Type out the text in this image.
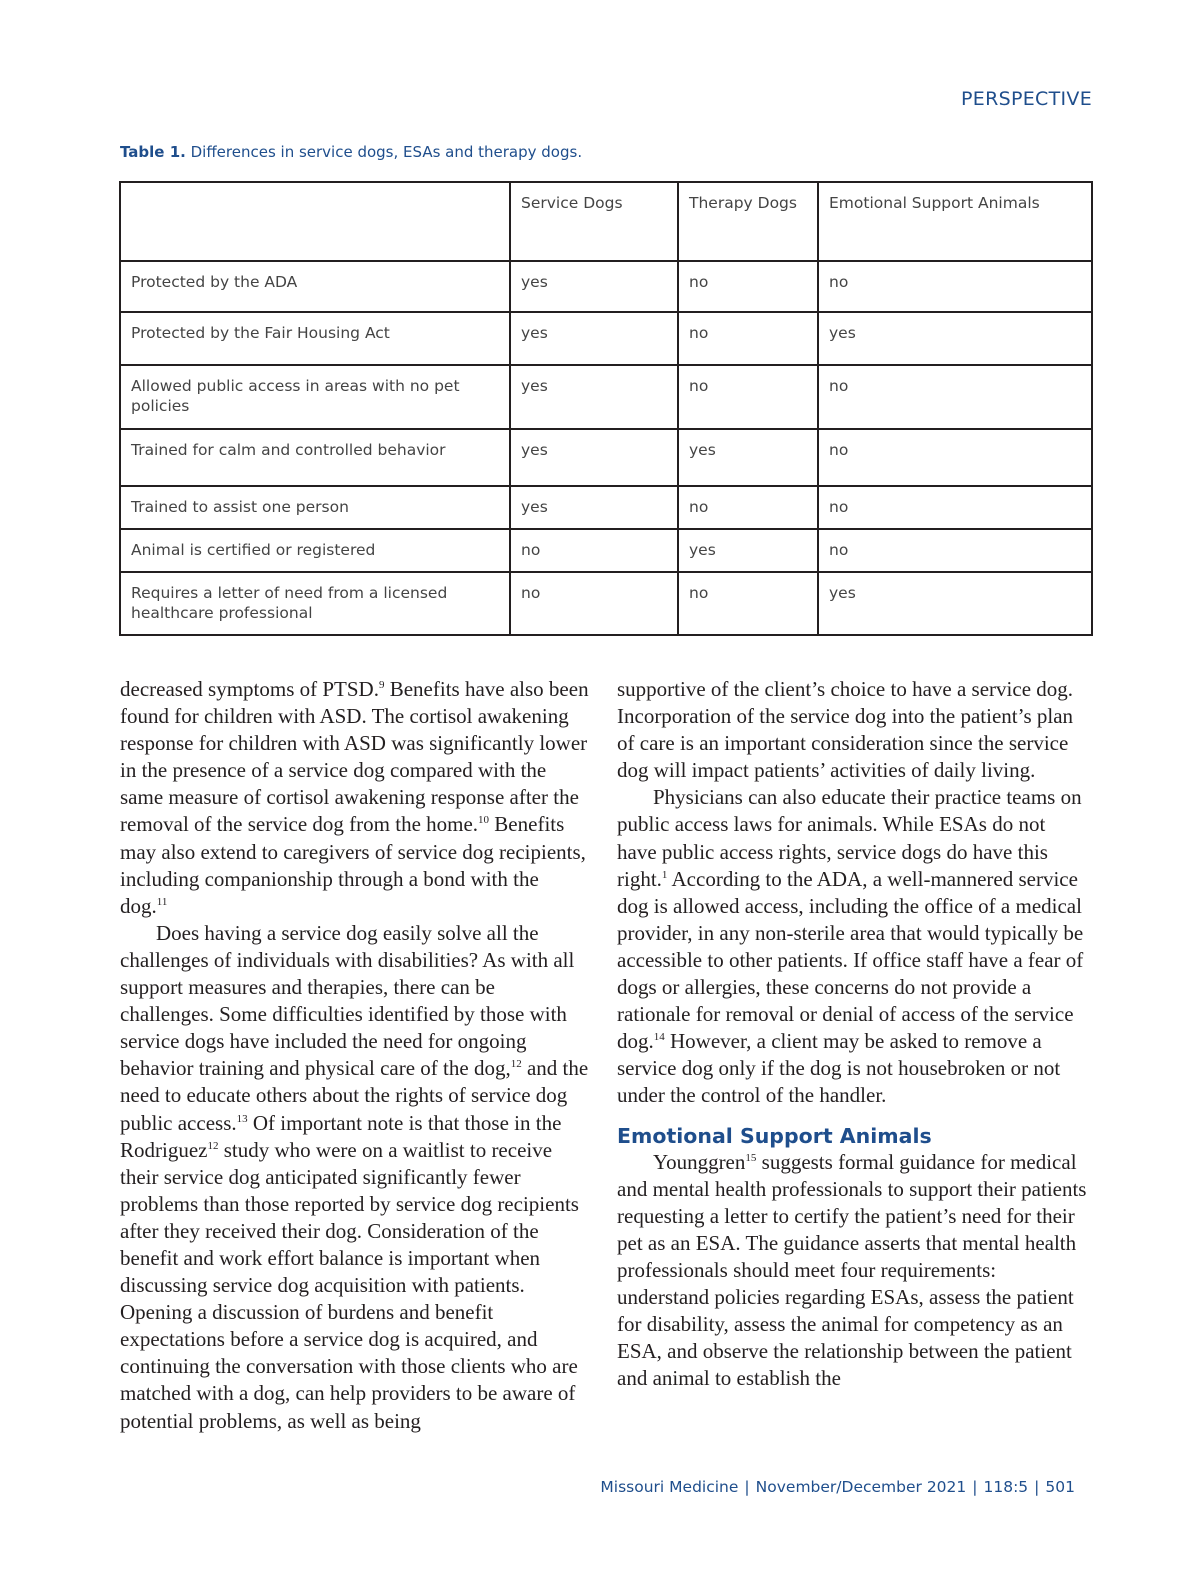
PERSPECTIVE
Table 1. Differences in service dogs, ESAs and therapy dogs.
	Service Dogs	Therapy Dogs	Emotional Support Animals
Protected by the ADA	yes	no	no
Protected by the Fair Housing Act	yes	no	yes
Allowed public access in areas with no pet policies	yes	no	no
Trained for calm and controlled behavior	yes	yes	no
Trained to assist one person	yes	no	no
Animal is certified or registered	no	yes	no
Requires a letter of need from a licensed healthcare professional	no	no	yes

decreased symptoms of PTSD.$^9$ Benefits have also been found for children with ASD. The cortisol awakening response for children with ASD was significantly lower in the presence of a service dog compared with the same measure of cortisol awakening response after the removal of the service dog from the home.$^{10}$ Benefits may also extend to caregivers of service dog recipients, including companionship through a bond with the dog.$^{11}$

Does having a service dog easily solve all the challenges of individuals with disabilities? As with all support measures and therapies, there can be challenges. Some difficulties identified by those with service dogs have included the need for ongoing behavior training and physical care of the dog,$^{12}$ and the need to educate others about the rights of service dog public access.$^{13}$ Of important note is that those in the Rodriguez$^{12}$ study who were on a waitlist to receive their service dog anticipated significantly fewer problems than those reported by service dog recipients after they received their dog. Consideration of the benefit and work effort balance is important when discussing service dog acquisition with patients. Opening a discussion of burdens and benefit expectations before a service dog is acquired, and continuing the conversation with those clients who are matched with a dog, can help providers to be aware of potential problems, as well as being

supportive of the client’s choice to have a service dog. Incorporation of the service dog into the patient’s plan of care is an important consideration since the service dog will impact patients’ activities of daily living.

Physicians can also educate their practice teams on public access laws for animals. While ESAs do not have public access rights, service dogs do have this right.$^1$ According to the ADA, a well-mannered service dog is allowed access, including the office of a medical provider, in any non-sterile area that would typically be accessible to other patients. If office staff have a fear of dogs or allergies, these concerns do not provide a rationale for removal or denial of access of the service dog.$^{14}$ However, a client may be asked to remove a service dog only if the dog is not housebroken or not under the control of the handler.

Emotional Support Animals

Younggren$^{15}$ suggests formal guidance for medical and mental health professionals to support their patients requesting a letter to certify the patient’s need for their pet as an ESA. The guidance asserts that mental health professionals should meet four requirements: understand policies regarding ESAs, assess the patient for disability, assess the animal for competency as an ESA, and observe the relationship between the patient and animal to establish the

Missouri Medicine | November/December 2021 | 118:5 | 501
